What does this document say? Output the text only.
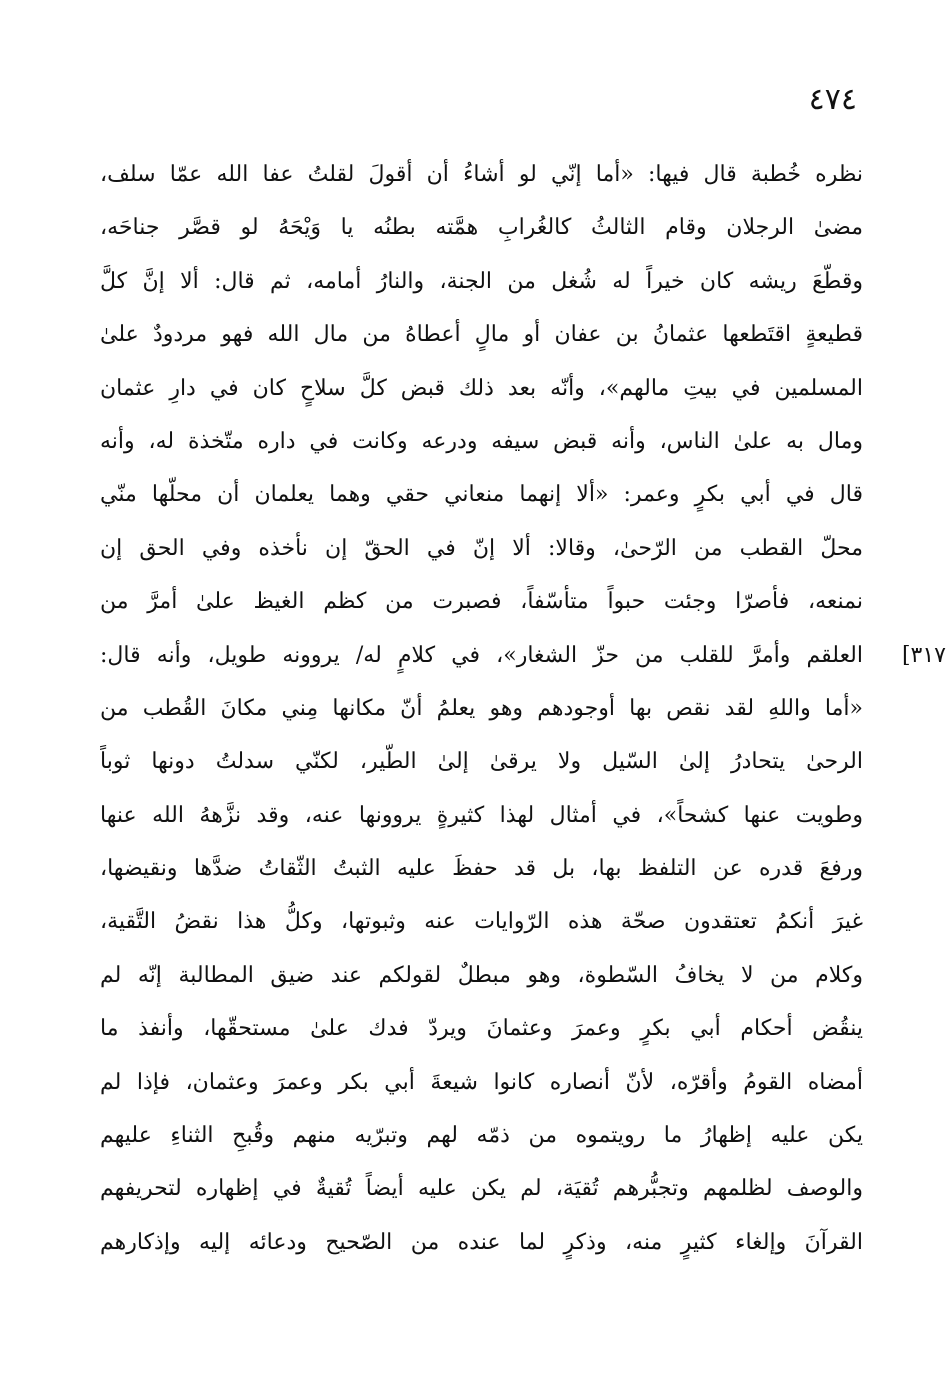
٤٧٤
٣١٧]
نظره خُطبة قال فيها: «أما إنّي لو أشاءُ أن أقولَ لقلتُ عفا الله عمّا سلف،
مضىٰ الرجلان وقام الثالثُ كالغُرابِ همَّته بطنُه يا وَيْحَهُ لو قصَّر جناحَه،
وقطّعَ ريشه كان خيراً له شُغل من الجنة، والنارُ أمامه، ثم قال: ألا إنَّ كلَّ
قطيعةٍ اقتَطعها عثمانُ بن عفان أو مالٍ أعطاهُ من مال الله فهو مردودٌ علىٰ
المسلمين في بيتِ مالهم»، وأنّه بعد ذلك قبض كلَّ سلاحٍ كان في دارِ عثمان
ومال به علىٰ الناس، وأنه قبض سيفه ودرعه وكانت في داره متّخذة له، وأنه
قال في أبي بكرٍ وعمر: «ألا إنهما منعاني حقي وهما يعلمان أن محلّها منّي
محلّ القطب من الرّحىٰ، وقالا: ألا إنّ في الحقّ إن نأخذه وفي الحق إن
نمنعه، فأصرّا وجئت حبواً متأسّفاً، فصبرت من كظم الغيظ علىٰ أمرَّ من
العلقم وأمرَّ للقلب من حزّ الشغار»، في كلامٍ له/ يروونه طويل، وأنه قال:
«أما واللهِ لقد نقص بها أوجودهم وهو يعلمُ أنّ مكانها مِني مكانَ القُطب من
الرحىٰ يتحادرُ إلىٰ السّيل ولا يرقىٰ إلىٰ الطّير، لكنّي سدلتُ دونها ثوباً
وطويت عنها كشحاً»، في أمثال لهذا كثيرةٍ يروونها عنه، وقد نزَّههُ الله عنها
ورفعَ قدره عن التلفظ بها، بل قد حفظَ عليه الثبتُ الثّقاتُ ضدَّها ونقيضها،
غيرَ أنكمُ تعتقدون صحّة هذه الرّوايات عنه وثبوتها، وكلُّ هذا نقضُ التَّقية،
وكلام من لا يخافُ السّطوة، وهو مبطلٌ لقولكم عند ضيق المطالبة إنّه لم
ينقُض أحكام أبي بكرٍ وعمرَ وعثمانَ ويردّ فدك علىٰ مستحقّها، وأنفذ ما
أمضاه القومُ وأقرّه، لأنّ أنصاره كانوا شيعةَ أبي بكر وعمرَ وعثمان، فإذا لم
يكن عليه إظهارُ ما رويتموه من ذمّه لهم وتبرّيه منهم وقُبحِ الثناءِ عليهم
والوصف لظلمهم وتجبُّرهم تُقيَة، لم يكن عليه أيضاً تُقيةٌ في إظهاره لتحريفهم
القرآنَ وإلغاء كثيرٍ منه، وذكرٍ لما عنده من الصّحيح ودعائه إليه وإذكارهم
